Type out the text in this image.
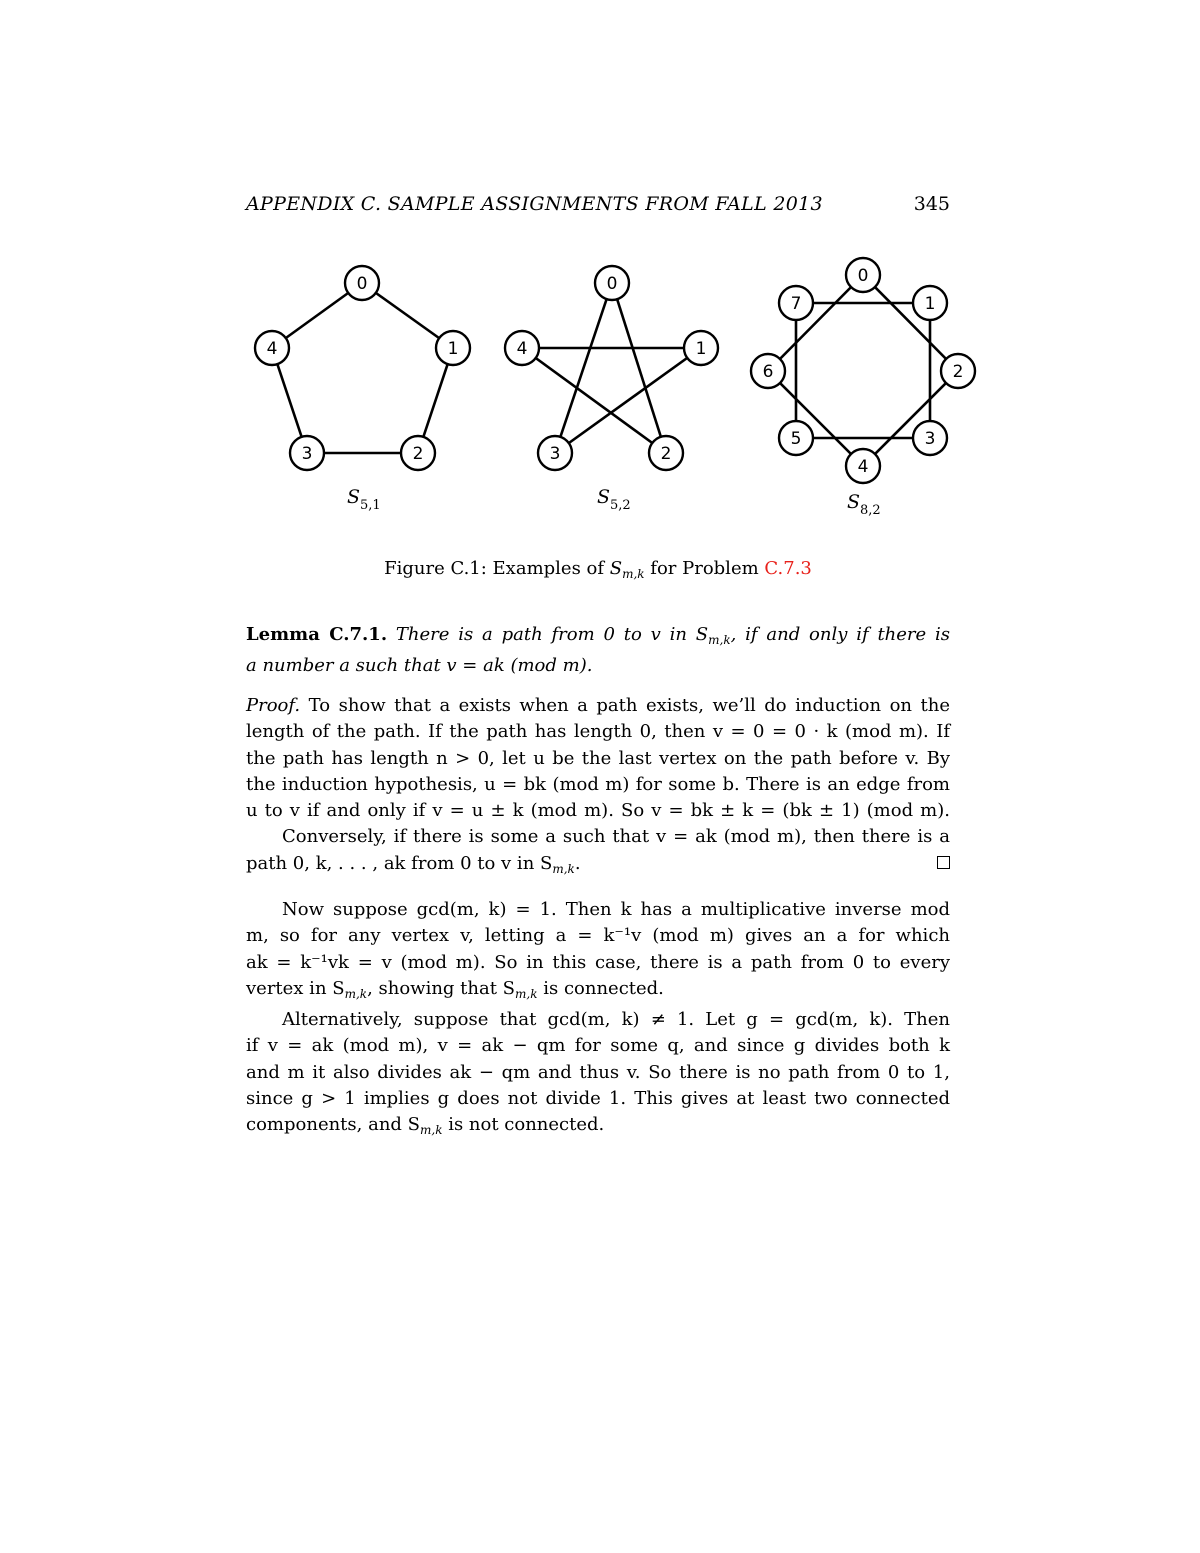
APPENDIX C. SAMPLE ASSIGNMENTS FROM FALL 2013	345
0
1
2
3
4
$S_{5,1}$
0
1
2
3
4
$S_{5,2}$
0
1
2
3
4
5
6
7
$S_{8,2}$
Figure C.1: Examples of $S_{m,k}$ for Problem C.7.3
Lemma C.7.1. There is a path from 0 to v in $S_{m,k}$, if and only if there is
a number a such that v = ak (mod m).
Proof. To show that a exists when a path exists, we’ll do induction on the
length of the path. If the path has length 0, then v = 0 = 0 · k (mod m). If
the path has length n > 0, let u be the last vertex on the path before v. By
the induction hypothesis, u = bk (mod m) for some b. There is an edge from
u to v if and only if v = u ± k (mod m). So v = bk ± k = (bk ± 1) (mod m).
Conversely, if there is some a such that v = ak (mod m), then there is a
path 0, k, . . . , ak from 0 to v in $S_{m,k}$.
Now suppose gcd(m, k) = 1. Then k has a multiplicative inverse mod
m, so for any vertex v, letting a = k⁻¹v (mod m) gives an a for which
ak = k⁻¹vk = v (mod m). So in this case, there is a path from 0 to every
vertex in $S_{m,k}$, showing that $S_{m,k}$ is connected.
Alternatively, suppose that gcd(m, k) ≠ 1. Let g = gcd(m, k). Then
if v = ak (mod m), v = ak − qm for some q, and since g divides both k
and m it also divides ak − qm and thus v. So there is no path from 0 to 1,
since g > 1 implies g does not divide 1. This gives at least two connected
components, and $S_{m,k}$ is not connected.
